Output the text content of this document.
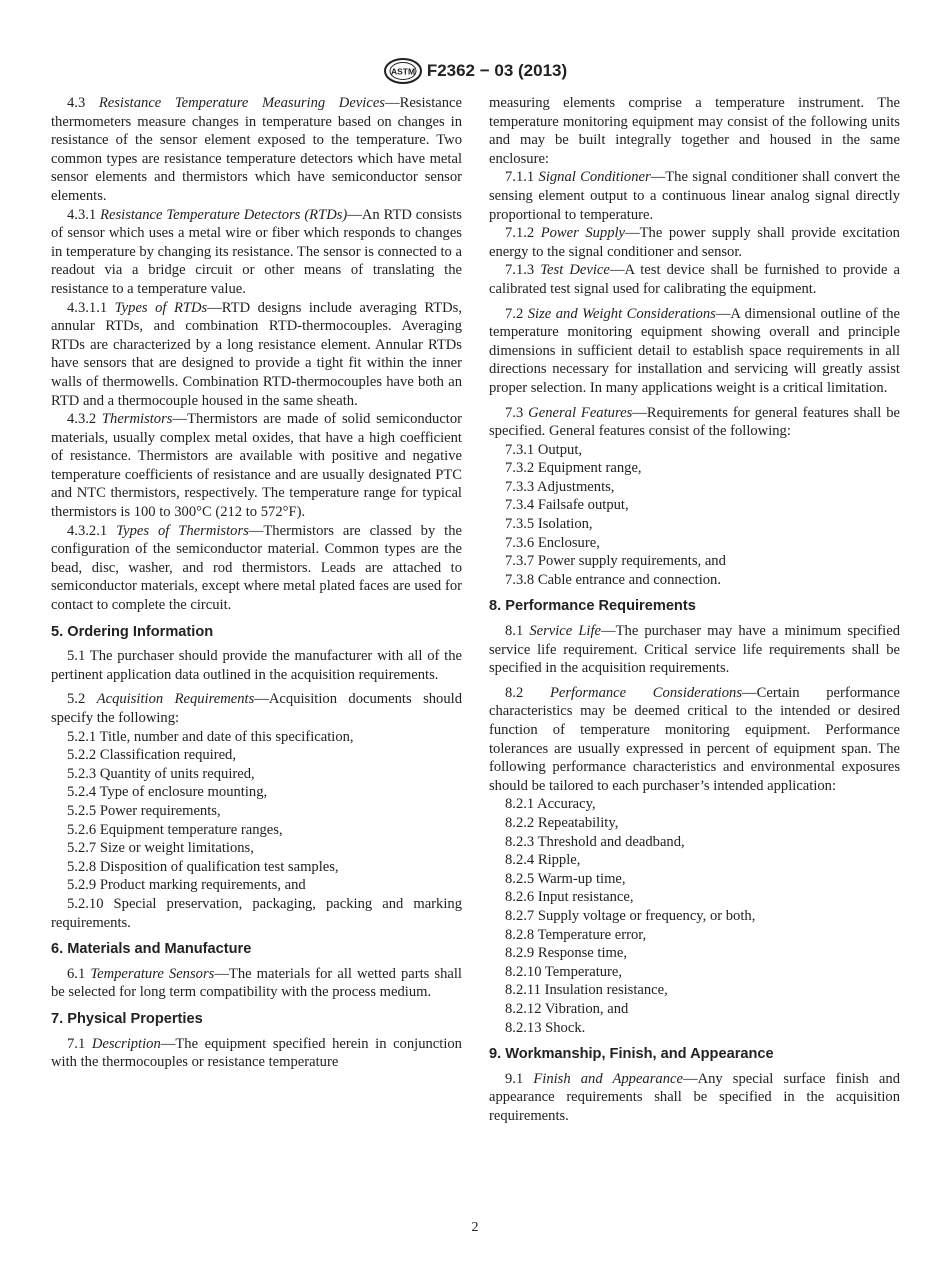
ASTM F2362 − 03 (2013)

4.3 Resistance Temperature Measuring Devices—Resistance thermometers measure changes in temperature based on changes in resistance of the sensor element exposed to the temperature. Two common types are resistance temperature detectors which have metal sensor elements and thermistors which have semiconductor sensor elements.

4.3.1 Resistance Temperature Detectors (RTDs)—An RTD consists of sensor which uses a metal wire or fiber which responds to changes in temperature by changing its resistance. The sensor is connected to a readout via a bridge circuit or other means of translating the resistance to a temperature value.

4.3.1.1 Types of RTDs—RTD designs include averaging RTDs, annular RTDs, and combination RTD-thermocouples. Averaging RTDs are characterized by a long resistance element. Annular RTDs have sensors that are designed to provide a tight fit within the inner walls of thermowells. Combination RTD-thermocouples have both an RTD and a thermocouple housed in the same sheath.

4.3.2 Thermistors—Thermistors are made of solid semiconductor materials, usually complex metal oxides, that have a high coefficient of resistance. Thermistors are available with positive and negative temperature coefficients of resistance and are usually designated PTC and NTC thermistors, respectively. The temperature range for typical thermistors is 100 to 300°C (212 to 572°F).

4.3.2.1 Types of Thermistors—Thermistors are classed by the configuration of the semiconductor material. Common types are the bead, disc, washer, and rod thermistors. Leads are attached to semiconductor materials, except where metal plated faces are used for contact to complete the circuit.

5. Ordering Information

5.1 The purchaser should provide the manufacturer with all of the pertinent application data outlined in the acquisition requirements.

5.2 Acquisition Requirements—Acquisition documents should specify the following:

5.2.1 Title, number and date of this specification,
5.2.2 Classification required,
5.2.3 Quantity of units required,
5.2.4 Type of enclosure mounting,
5.2.5 Power requirements,
5.2.6 Equipment temperature ranges,
5.2.7 Size or weight limitations,
5.2.8 Disposition of qualification test samples,
5.2.9 Product marking requirements, and
5.2.10 Special preservation, packaging, packing and marking requirements.
6. Materials and Manufacture

6.1 Temperature Sensors—The materials for all wetted parts shall be selected for long term compatibility with the process medium.

7. Physical Properties

7.1 Description—The equipment specified herein in conjunction with the thermocouples or resistance temperature

measuring elements comprise a temperature instrument. The temperature monitoring equipment may consist of the following units and may be built integrally together and housed in the same enclosure:

7.1.1 Signal Conditioner—The signal conditioner shall convert the sensing element output to a continuous linear analog signal directly proportional to temperature.

7.1.2 Power Supply—The power supply shall provide excitation energy to the signal conditioner and sensor.

7.1.3 Test Device—A test device shall be furnished to provide a calibrated test signal used for calibrating the equipment.

7.2 Size and Weight Considerations—A dimensional outline of the temperature monitoring equipment showing overall and principle dimensions in sufficient detail to establish space requirements in all directions necessary for installation and servicing will greatly assist proper selection. In many applications weight is a critical limitation.

7.3 General Features—Requirements for general features shall be specified. General features consist of the following:

7.3.1 Output,
7.3.2 Equipment range,
7.3.3 Adjustments,
7.3.4 Failsafe output,
7.3.5 Isolation,
7.3.6 Enclosure,
7.3.7 Power supply requirements, and
7.3.8 Cable entrance and connection.
8. Performance Requirements

8.1 Service Life—The purchaser may have a minimum specified service life requirement. Critical service life requirements shall be specified in the acquisition requirements.

8.2 Performance Considerations—Certain performance characteristics may be deemed critical to the intended or desired function of temperature monitoring equipment. Performance tolerances are usually expressed in percent of equipment span. The following performance characteristics and environmental exposures should be tailored to each purchaser’s intended application:

8.2.1 Accuracy,
8.2.2 Repeatability,
8.2.3 Threshold and deadband,
8.2.4 Ripple,
8.2.5 Warm-up time,
8.2.6 Input resistance,
8.2.7 Supply voltage or frequency, or both,
8.2.8 Temperature error,
8.2.9 Response time,
8.2.10 Temperature,
8.2.11 Insulation resistance,
8.2.12 Vibration, and
8.2.13 Shock.
9. Workmanship, Finish, and Appearance

9.1 Finish and Appearance—Any special surface finish and appearance requirements shall be specified in the acquisition requirements.

2
